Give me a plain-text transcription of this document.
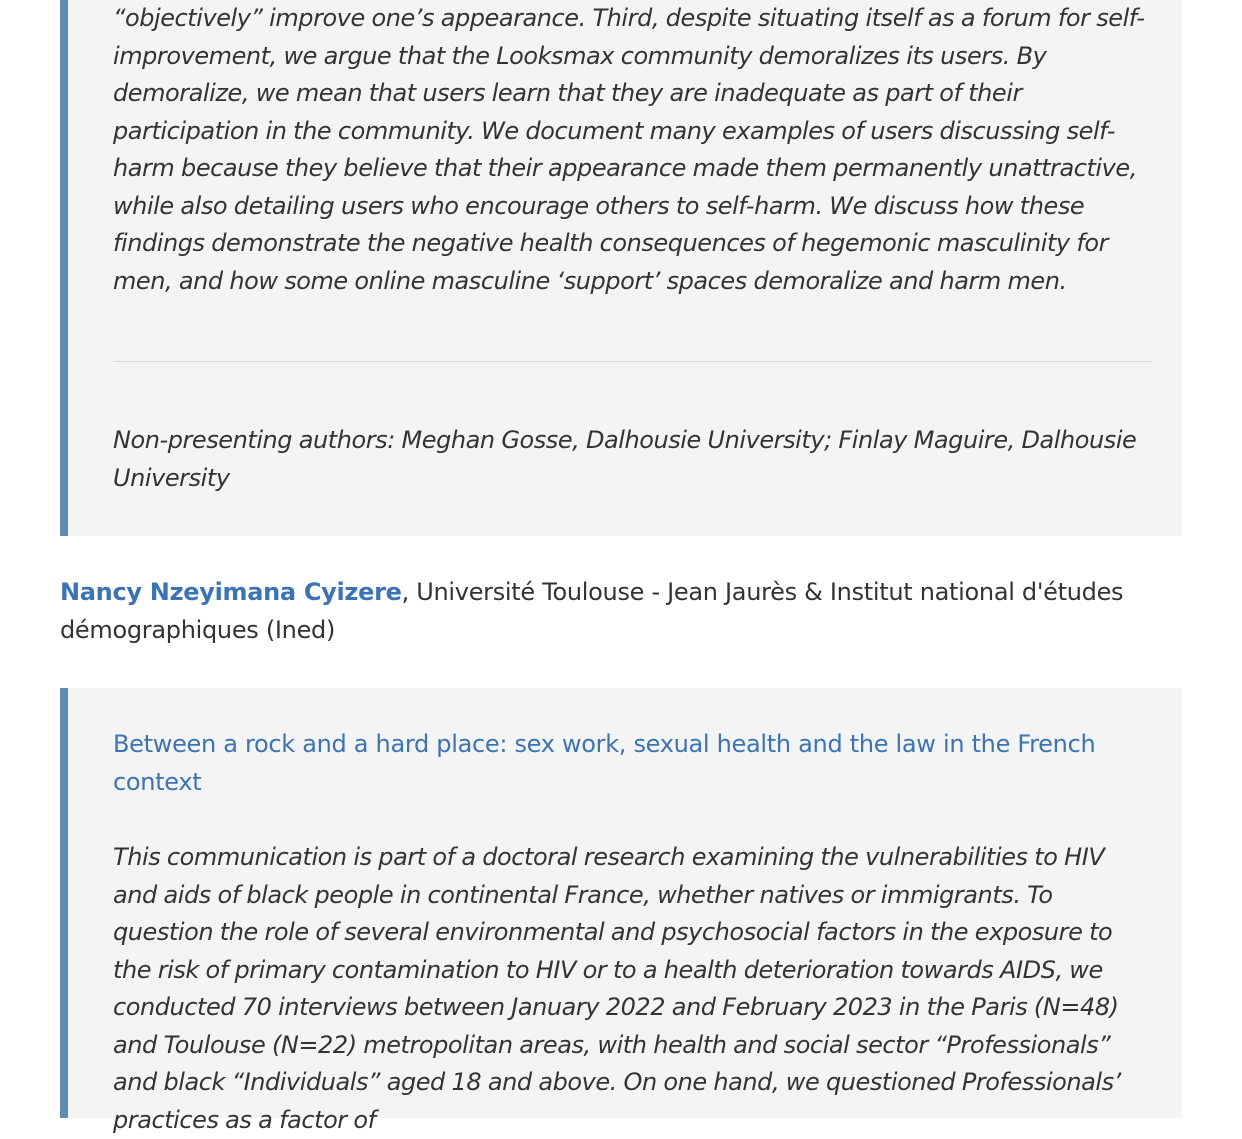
“objectively” improve one’s appearance. Third, despite situating itself as a forum for self-improvement, we argue that the Looksmax community demoralizes its users. By demoralize, we mean that users learn that they are inadequate as part of their participation in the community. We document many examples of users discussing self-harm because they believe that their appearance made them permanently unattractive, while also detailing users who encourage others to self-harm. We discuss how these findings demonstrate the negative health consequences of hegemonic masculinity for men, and how some online masculine ‘support’ spaces demoralize and harm men.

Non-presenting authors: Meghan Gosse, Dalhousie University; Finlay Maguire, Dalhousie University

Nancy Nzeyimana Cyizere, Université Toulouse - Jean Jaurès & Institut national d'études démographiques (Ined)

Between a rock and a hard place: sex work, sexual health and the law in the French context

This communication is part of a doctoral research examining the vulnerabilities to HIV and aids of black people in continental France, whether natives or immigrants. To question the role of several environmental and psychosocial factors in the exposure to the risk of primary contamination to HIV or to a health deterioration towards AIDS, we conducted 70 interviews between January 2022 and February 2023 in the Paris (N=48) and Toulouse (N=22) metropolitan areas, with health and social sector “Professionals” and black “Individuals” aged 18 and above. On one hand, we questioned Professionals’ practices as a factor of
